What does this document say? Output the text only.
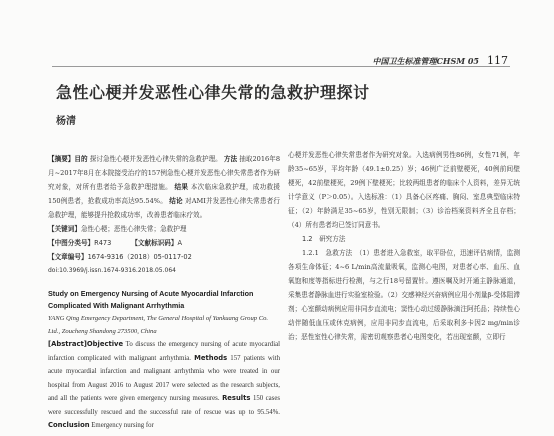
中国卫生标准管理CHSM 05 117
急性心梗并发恶性心律失常的急救护理探讨
杨清
【摘要】目的 探讨急性心梗并发恶性心律失常的急救护理。 方法 抽取2016年8月~2017年8月在本院接受治疗的157例急性心梗并发恶性心律失常患者作为研究对象，对所有患者给予急救护理措施。 结果 本次临床急救护理，成功救援150例患者，抢救成功率高达95.54%。 结论 对AMI并发恶性心律失常患者行急救护理，能够提升抢救成功率，改善患者临床疗效。
【关键词】急性心梗；恶性心律失常；急救护理
【中图分类号】R473	【文献标识码】A
【文章编号】1674-9316（2018）05-0117-02
doi:10.3969/j.issn.1674-9316.2018.05.064
Study on Emergency Nursing of Acute Myocardial Infarction Complicated With Malignant Arrhythmia
YANG Qing Emergency Department, The General Hospital of Yankuang Group Co. Ltd., Zoucheng Shandong 273500, China
[Abstract]Objective To discuss the emergency nursing of acute myocardial infarction complicated with malignant arrhythmia. Methods 157 patients with acute myocardial infarction and malignant arrhythmia who were treated in our hospital from August 2016 to August 2017 were selected as the research subjects, and all the patients were given emergency nursing measures. Results 150 cases were successfully rescued and the successful rate of rescue was up to 95.54%. Conclusion Emergency nursing for

心梗并发恶性心律失常患者作为研究对象。入选病例男性86例，女性71例，年龄35~65岁，平均年龄（49.1±0.25）岁；46例广泛前壁梗死，40例前间壁梗死，42前壁梗死，29例下壁梗死；比较两组患者的临床个人资料，差异无统计学意义（P＞0.05）。入选标准：（1）具备心区疼痛、胸闷、室息典型临床特征；（2）年龄满足35~65岁，性别无限制；（3）诊治档案资料齐全且存档；（4）所有患者均已签订同意书。

1.2　研究方法

1.2.1　急救方法　（1）患者进入急救室，取平卧位，迅速评估病情，监测各项生命体征；4~6 L/min高流量吸氧，监测心电图，对患者心率、血压、血氧饱和度等指标进行检测，与之行18号留置针。遵医嘱及时开通主静脉通道，采集患者静脉血进行实验室检验。（2）交感神经兴奋病例应用小剂量β-受体阻滞剂；心室颤动病例应用非同步直流电；窦性心动过缓静脉滴注阿托品；持续性心动伴随低血压或休克病例，应用非同步直流电，后采取利多卡因2 mg/min诊治；恶性室性心律失常，需密切观察患者心电图变化，若出现室颤，立即行
